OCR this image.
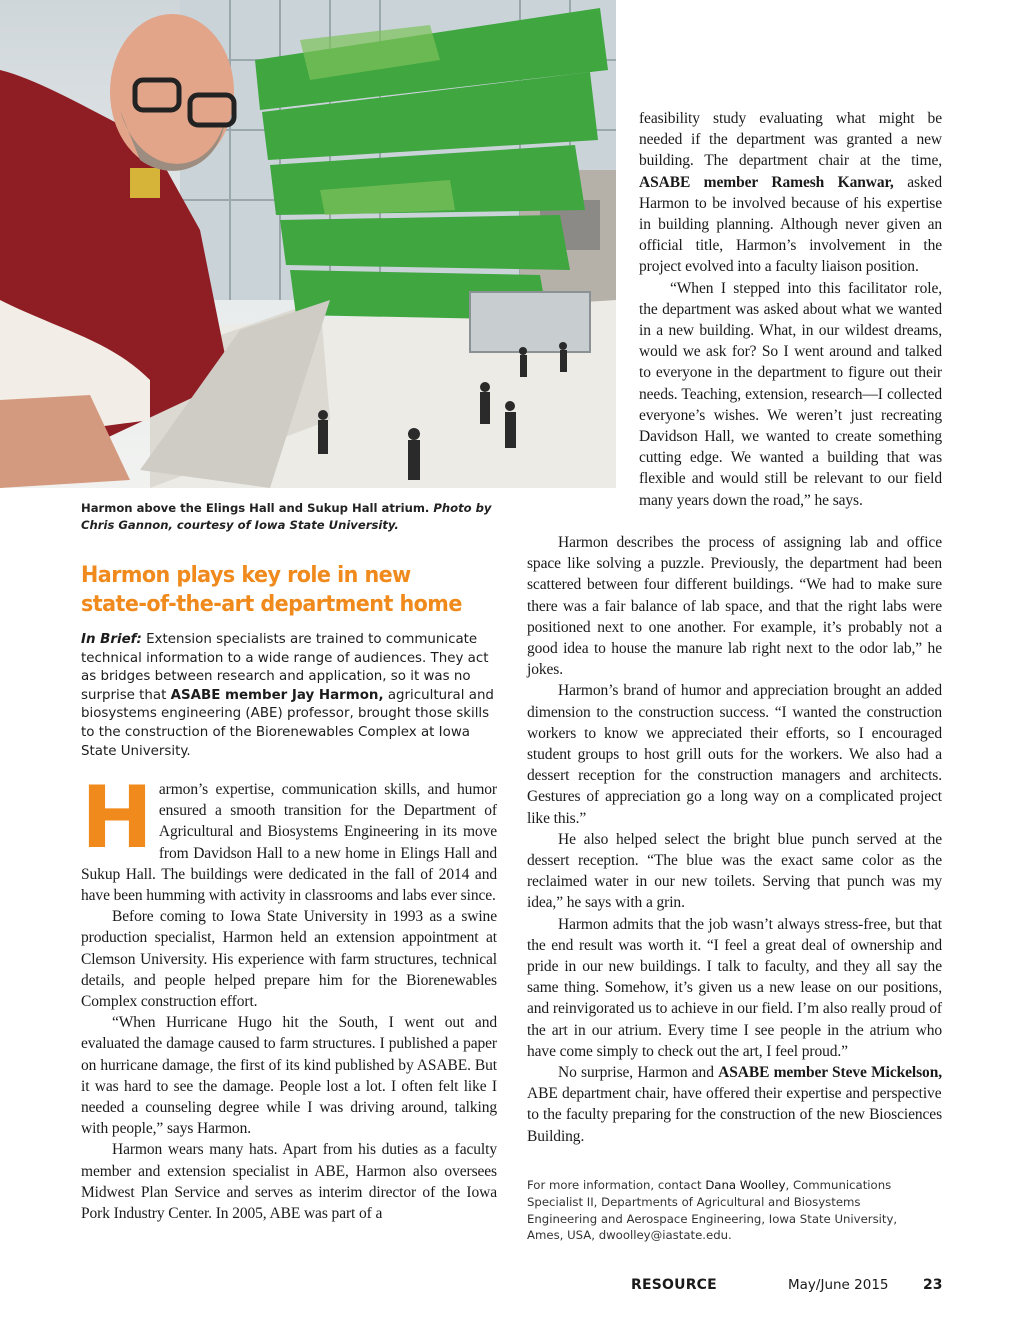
Harmon above the Elings Hall and Sukup Hall atrium. Photo by Chris Gannon, courtesy of Iowa State University.
Harmon plays key role in new state-of-the-art department home
In Brief: Extension specialists are trained to communicate technical information to a wide range of audiences. They act as bridges between research and application, so it was no surprise that ASABE member Jay Harmon, agricultural and biosystems engineering (ABE) professor, brought those skills to the construction of the Biorenewables Complex at Iowa State University.

Harmon’s expertise, communication skills, and humor ensured a smooth transition for the Department of Agricultural and Biosystems Engineering in its move from Davidson Hall to a new home in Elings Hall and Sukup Hall. The buildings were dedicated in the fall of 2014 and have been humming with activity in classrooms and labs ever since.

Before coming to Iowa State University in 1993 as a swine production specialist, Harmon held an extension appointment at Clemson University. His experience with farm structures, technical details, and people helped prepare him for the Biorenewables Complex construction effort.

“When Hurricane Hugo hit the South, I went out and evaluated the damage caused to farm structures. I published a paper on hurricane damage, the first of its kind published by ASABE. But it was hard to see the damage. People lost a lot. I often felt like I needed a counseling degree while I was driving around, talking with people,” says Harmon.

Harmon wears many hats. Apart from his duties as a faculty member and extension specialist in ABE, Harmon also oversees Midwest Plan Service and serves as interim director of the Iowa Pork Industry Center. In 2005, ABE was part of a

feasibility study evaluating what might be needed if the department was granted a new building. The department chair at the time, ASABE member Ramesh Kanwar, asked Harmon to be involved because of his expertise in building planning. Although never given an official title, Harmon’s involvement in the project evolved into a faculty liaison position.

“When I stepped into this facilitator role, the department was asked about what we wanted in a new building. What, in our wildest dreams, would we ask for? So I went around and talked to everyone in the department to figure out their needs. Teaching, extension, research—I collected everyone’s wishes. We weren’t just recreating Davidson Hall, we wanted to create something cutting edge. We wanted a building that was flexible and would still be relevant to our field many years down the road,” he says.

Harmon describes the process of assigning lab and office space like solving a puzzle. Previously, the department had been scattered between four different buildings. “We had to make sure there was a fair balance of lab space, and that the right labs were positioned next to one another. For example, it’s probably not a good idea to house the manure lab right next to the odor lab,” he jokes.

Harmon’s brand of humor and appreciation brought an added dimension to the construction success. “I wanted the construction workers to know we appreciated their efforts, so I encouraged student groups to host grill outs for the workers. We also had a dessert reception for the construction managers and architects. Gestures of appreciation go a long way on a complicated project like this.”

He also helped select the bright blue punch served at the dessert reception. “The blue was the exact same color as the reclaimed water in our new toilets. Serving that punch was my idea,” he says with a grin.

Harmon admits that the job wasn’t always stress-free, but that the end result was worth it. “I feel a great deal of ownership and pride in our new buildings. I talk to faculty, and they all say the same thing. Somehow, it’s given us a new lease on our positions, and reinvigorated us to achieve in our field. I’m also really proud of the art in our atrium. Every time I see people in the atrium who have come simply to check out the art, I feel proud.”

No surprise, Harmon and ASABE member Steve Mickelson, ABE department chair, have offered their expertise and perspective to the faculty preparing for the construction of the new Biosciences Building.

For more information, contact Dana Woolley, Communications Specialist II, Departments of Agricultural and Biosystems Engineering and Aerospace Engineering, Iowa State University, Ames, USA, dwoolley@iastate.edu.
RESOURCE	May/June 2015 23
